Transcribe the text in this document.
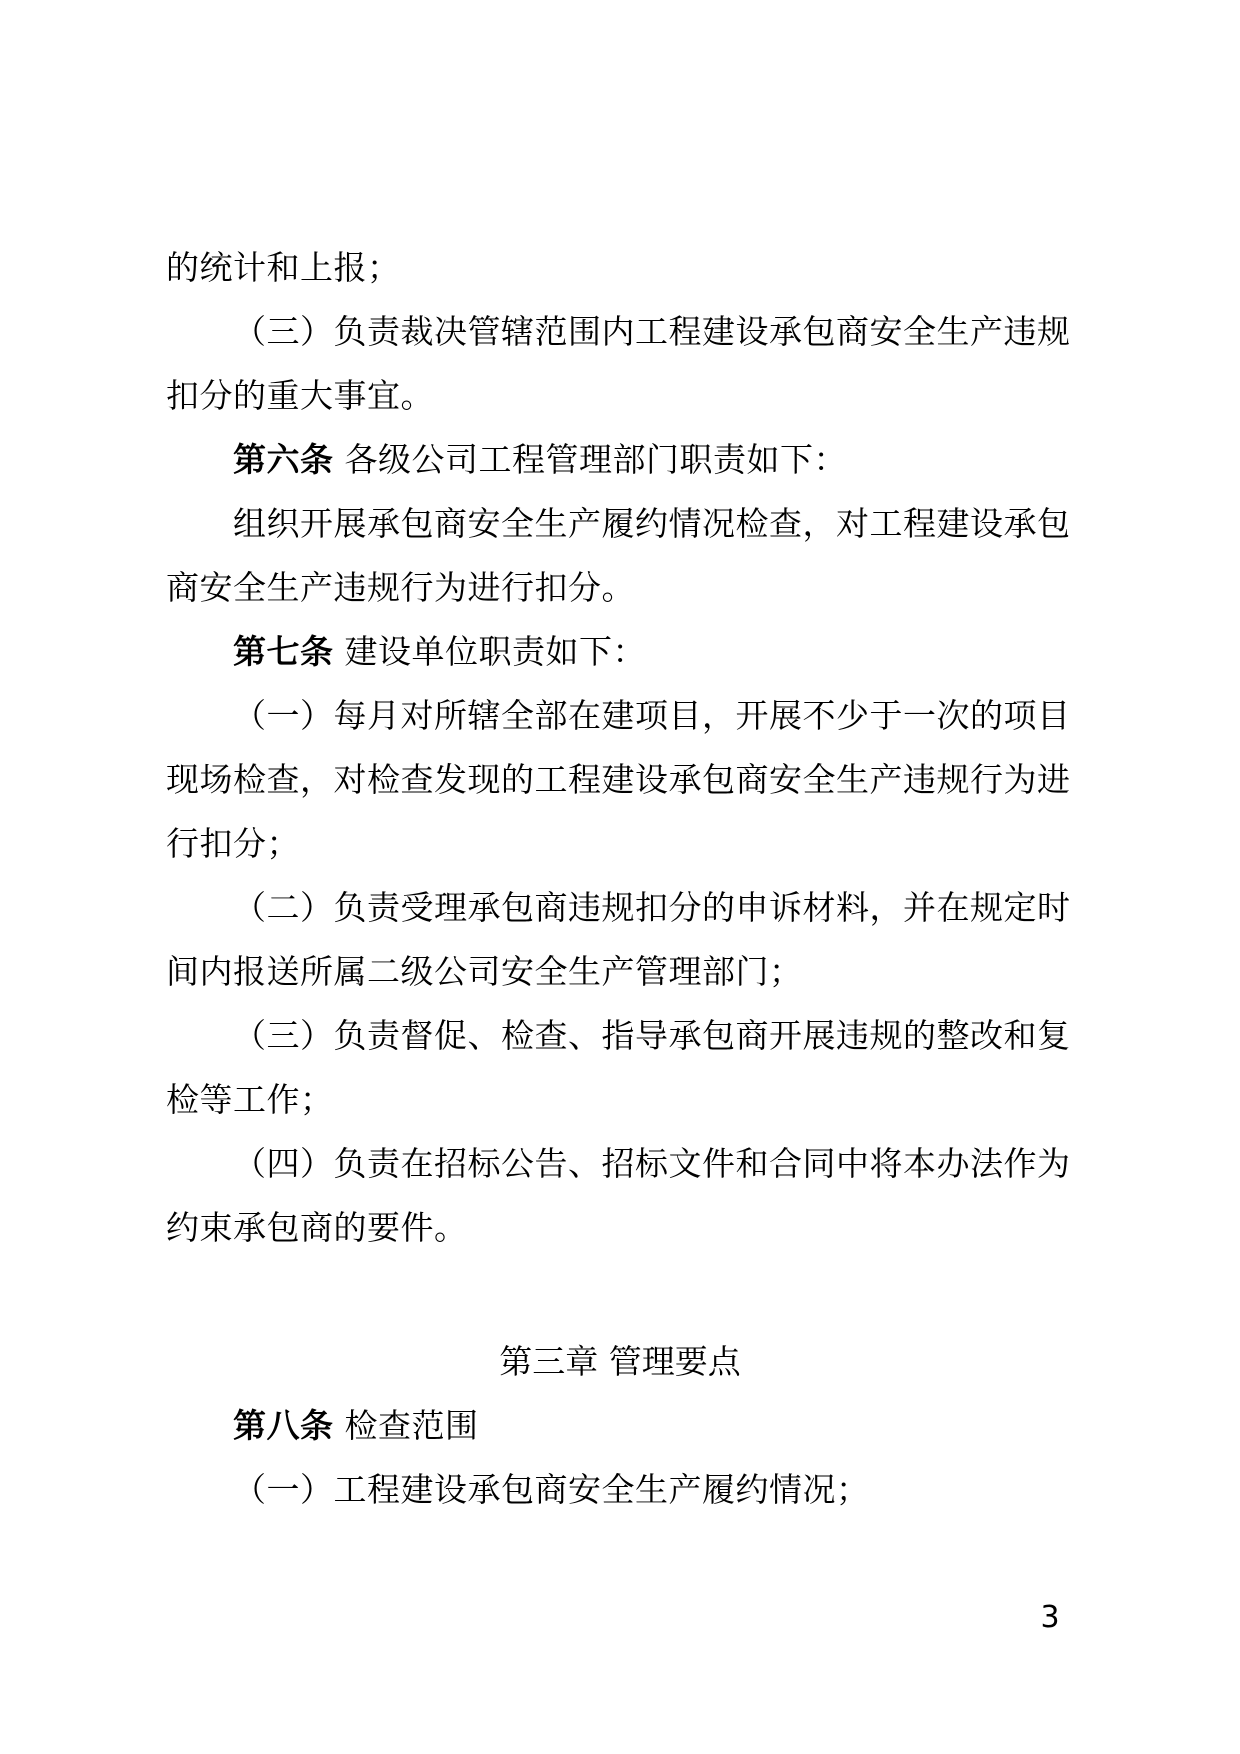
的统计和上报；
（三）负责裁决管辖范围内工程建设承包商安全生产违规
扣分的重大事宜。
第六条 各级公司工程管理部门职责如下：
组织开展承包商安全生产履约情况检查，对工程建设承包
商安全生产违规行为进行扣分。
第七条 建设单位职责如下：
（一）每月对所辖全部在建项目，开展不少于一次的项目
现场检查，对检查发现的工程建设承包商安全生产违规行为进
行扣分；
（二）负责受理承包商违规扣分的申诉材料，并在规定时
间内报送所属二级公司安全生产管理部门；
（三）负责督促、检查、指导承包商开展违规的整改和复
检等工作；
（四）负责在招标公告、招标文件和合同中将本办法作为
约束承包商的要件。
第三章 管理要点
第八条 检查范围
（一）工程建设承包商安全生产履约情况；
3
